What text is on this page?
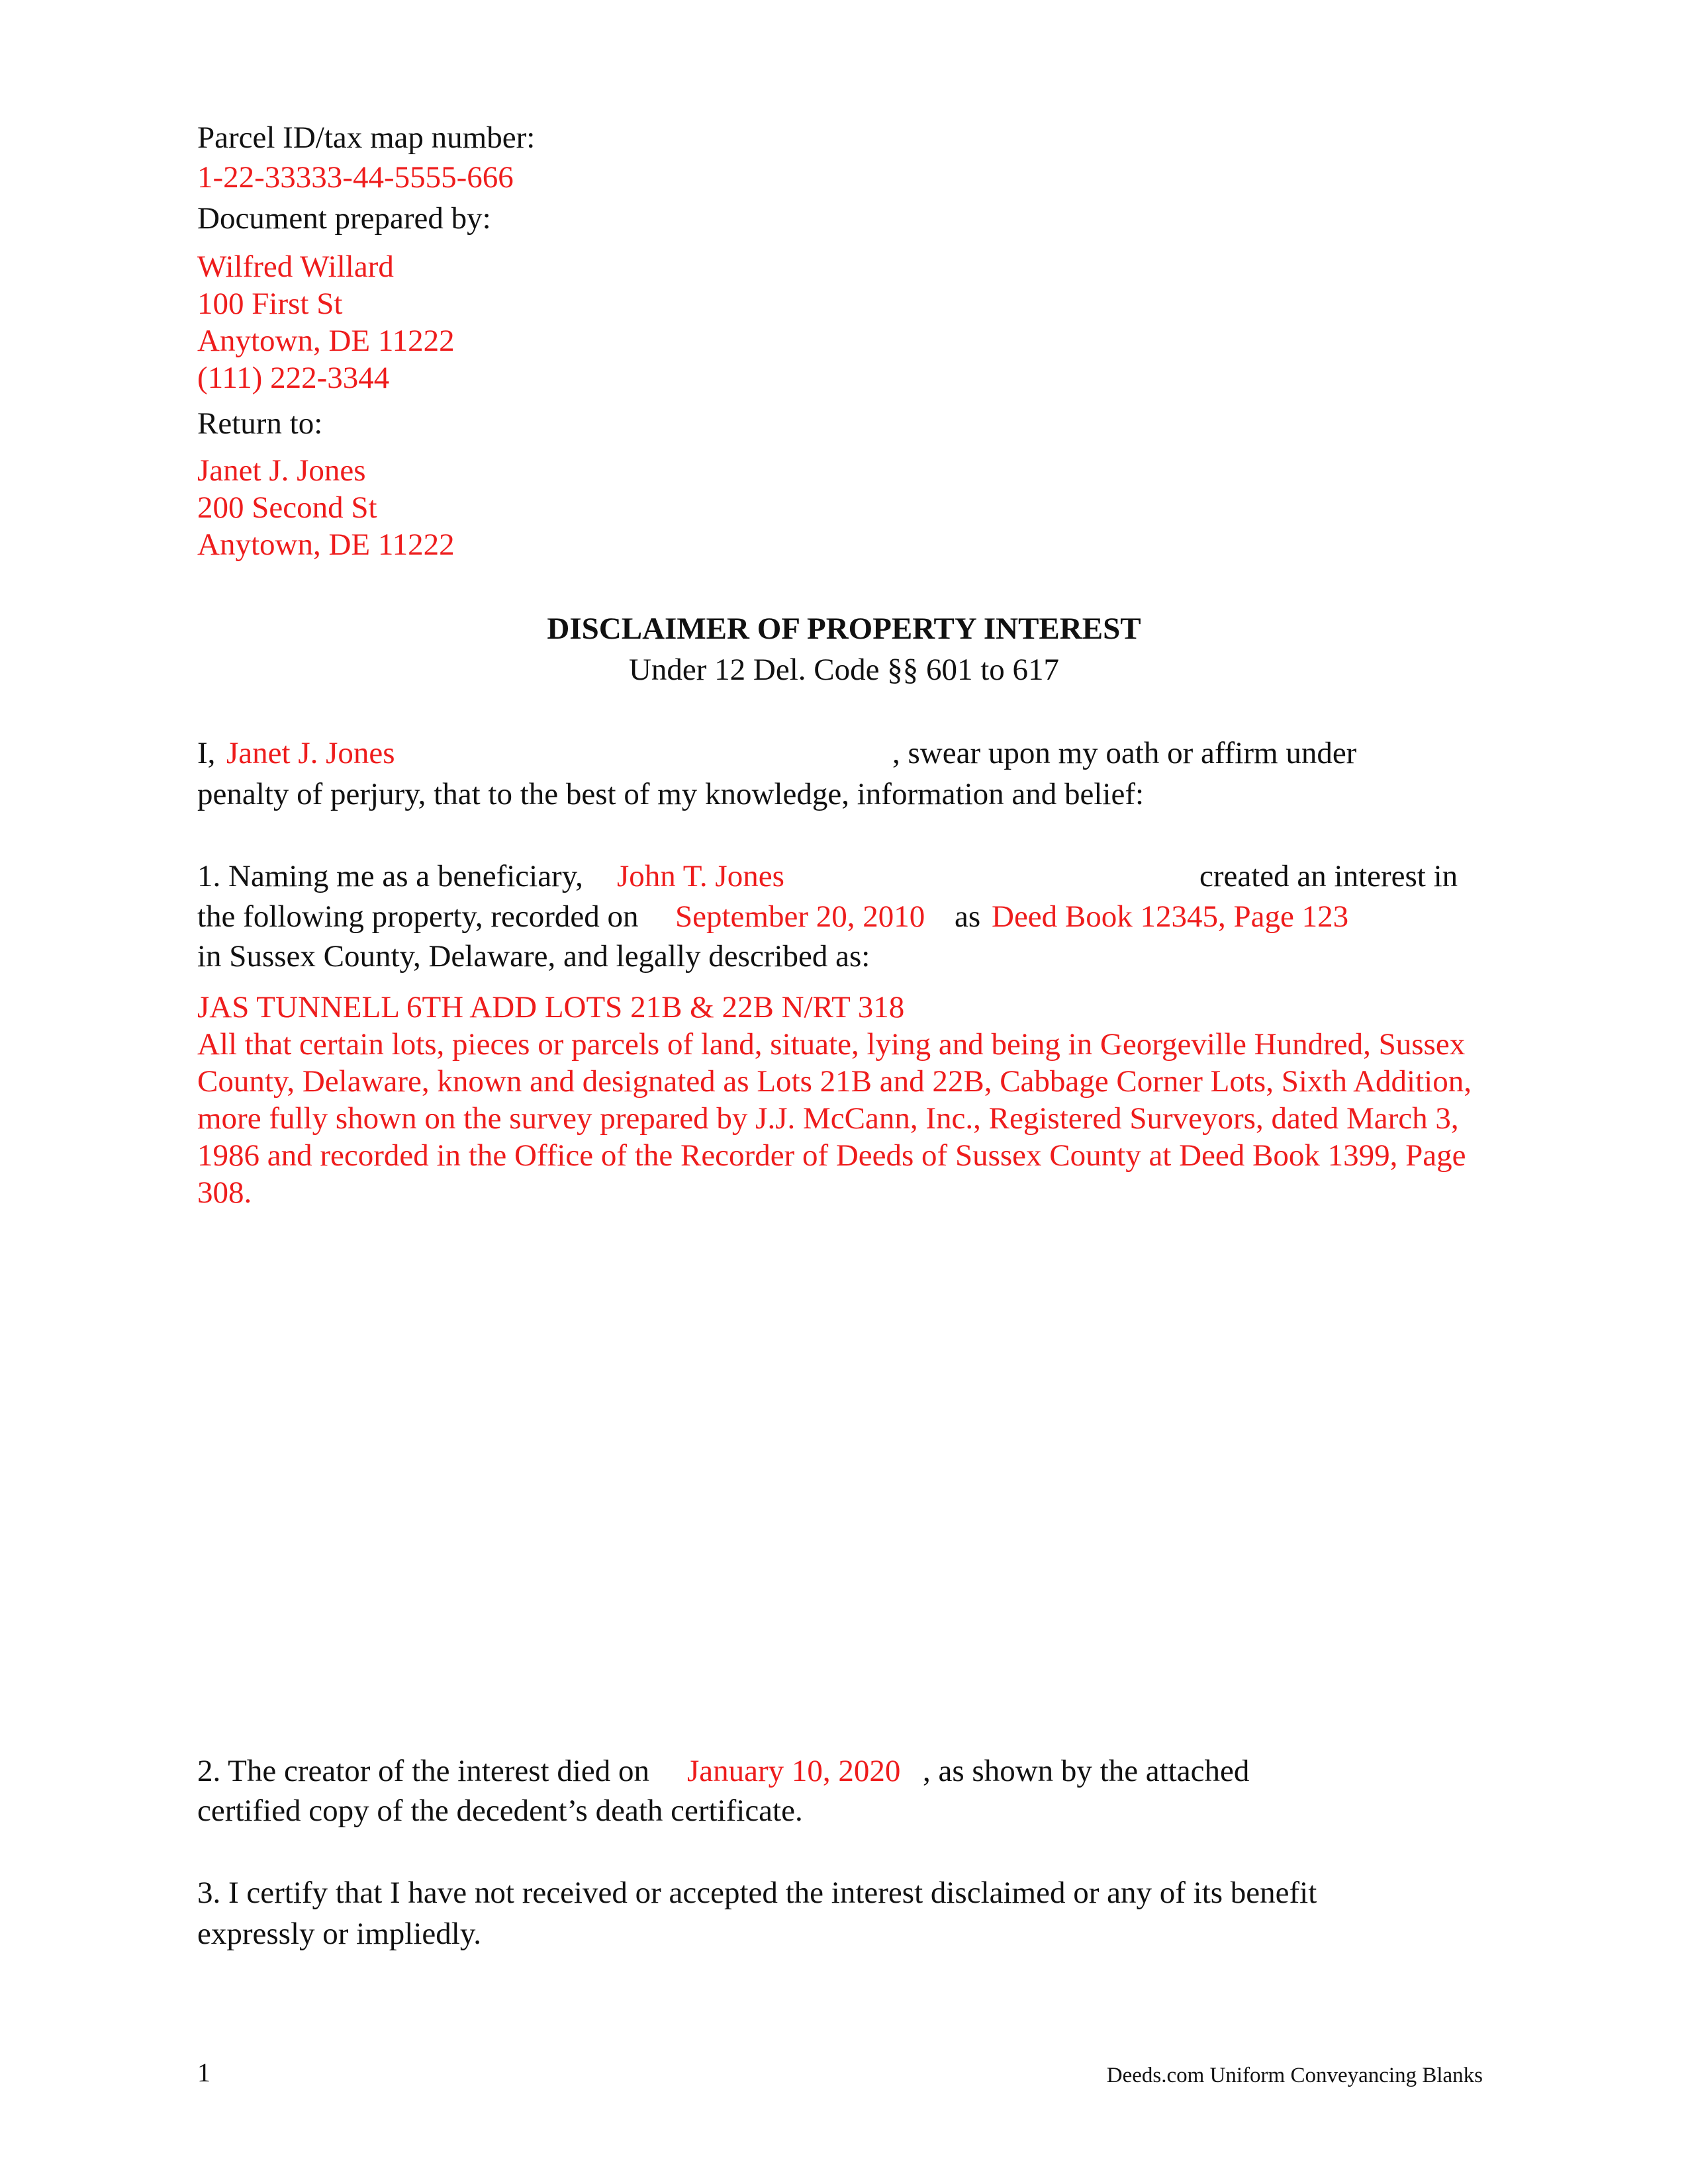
Parcel ID/tax map number:
1-22-33333-44-5555-666
Document prepared by:
Wilfred Willard
100 First St
Anytown, DE 11222
(111) 222-3344
Return to:
Janet J. Jones
200 Second St
Anytown, DE 11222
DISCLAIMER OF PROPERTY INTEREST
Under 12 Del. Code §§ 601 to 617
I, Janet J. Jones	, swear upon my oath or affirm under
penalty of perjury, that to the best of my knowledge, information and belief:
1. Naming me as a beneficiary, John T. Jones	created an interest in
the following property, recorded on September 20, 2010 as Deed Book 12345, Page 123
in Sussex County, Delaware, and legally described as:
JAS TUNNELL 6TH ADD LOTS 21B & 22B N/RT 318
All that certain lots, pieces or parcels of land, situate, lying and being in Georgeville Hundred, Sussex County, Delaware, known and designated as Lots 21B and 22B, Cabbage Corner Lots, Sixth Addition, more fully shown on the survey prepared by J.J. McCann, Inc., Registered Surveyors, dated March 3, 1986 and recorded in the Office of the Recorder of Deeds of Sussex County at Deed Book 1399, Page 308.
2. The creator of the interest died on January 10, 2020 , as shown by the attached
certified copy of the decedent’s death certificate.
3. I certify that I have not received or accepted the interest disclaimed or any of its benefit
expressly or impliedly.
1	Deeds.com Uniform Conveyancing Blanks
